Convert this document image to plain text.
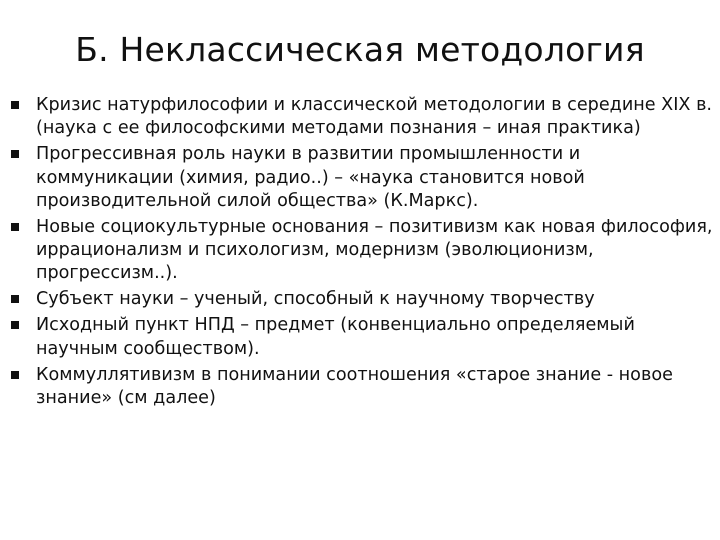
Б. Неклассическая методология
Кризис натурфилософии и классической методологии в середине XIX в. (наука с ее философскими методами познания – иная практика)
Прогрессивная роль науки в развитии промышленности и коммуникации (химия, радио..) – «наука становится новой производительной силой общества» (К.Маркс).
Новые социокультурные основания – позитивизм как новая философия, иррационализм и психологизм, модернизм (эволюционизм, прогрессизм..).
Субъект науки – ученый, способный к научному творчеству
Исходный пункт НПД – предмет (конвенциально определяемый научным сообществом).
Коммуллятивизм в понимании соотношения «старое знание - новое знание» (см далее)
